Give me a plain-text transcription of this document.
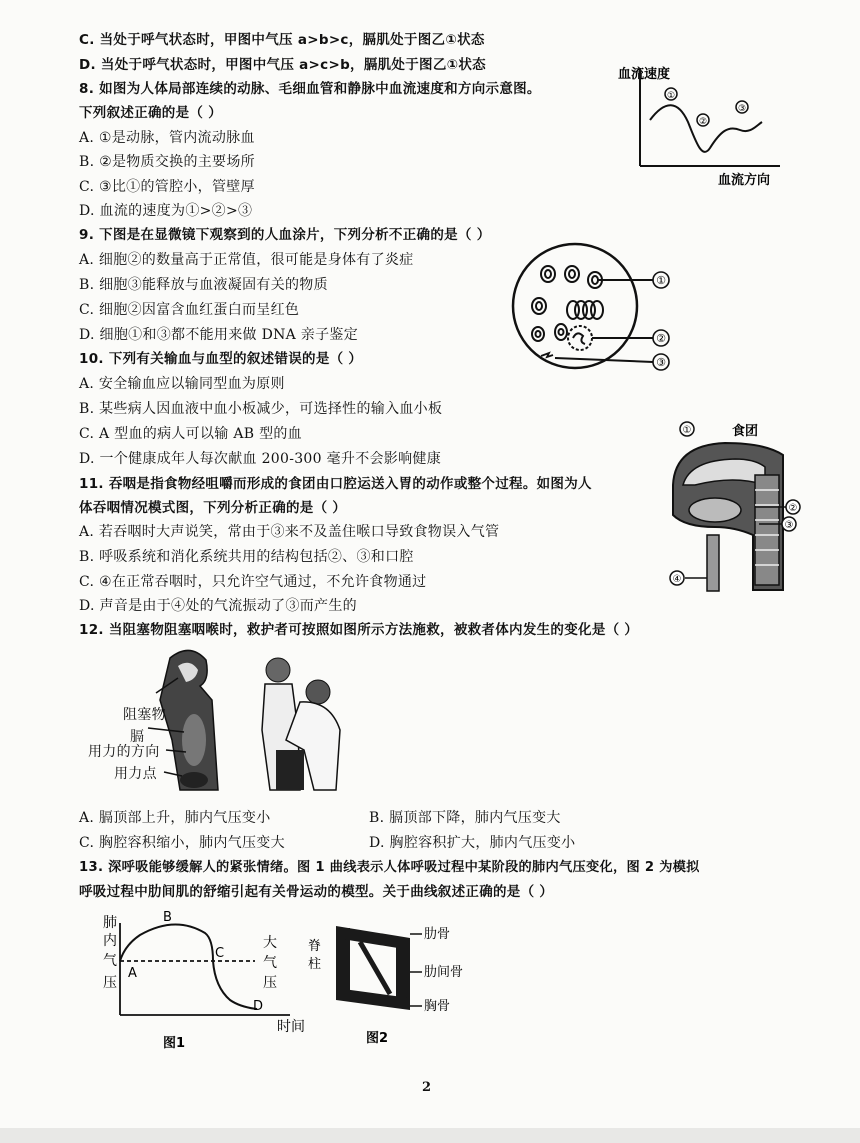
C. 当处于呼气状态时，甲图中气压 a>b>c，膈肌处于图乙①状态
D. 当处于呼气状态时，甲图中气压 a>c>b，膈肌处于图乙①状态
8. 如图为人体局部连续的动脉、毛细血管和静脉中血流速度和方向示意图。
下列叙述正确的是（ ）
A. ①是动脉，管内流动脉血
B. ②是物质交换的主要场所
C. ③比①的管腔小，管壁厚
D. 血流的速度为①>②>③
9. 下图是在显微镜下观察到的人血涂片，下列分析不正确的是（ ）
A. 细胞②的数量高于正常值，很可能是身体有了炎症
B. 细胞③能释放与血液凝固有关的物质
C. 细胞②因富含血红蛋白而呈红色
D. 细胞①和③都不能用来做 DNA 亲子鉴定
10. 下列有关输血与血型的叙述错误的是（ ）
A. 安全输血应以输同型血为原则
B. 某些病人因血液中血小板减少，可选择性的输入血小板
C. A 型血的病人可以输 AB 型的血
D. 一个健康成年人每次献血 200-300 毫升不会影响健康
11. 吞咽是指食物经咀嚼而形成的食团由口腔运送入胃的动作或整个过程。如图为人
体吞咽情况模式图，下列分析正确的是（ ）
A. 若吞咽时大声说笑，常由于③来不及盖住喉口导致食物误入气管
B. 呼吸系统和消化系统共用的结构包括②、③和口腔
C. ④在正常吞咽时，只允许空气通过，不允许食物通过
D. 声音是由于④处的气流振动了③而产生的
12. 当阻塞物阻塞咽喉时，救护者可按照如图所示方法施救，被救者体内发生的变化是（ ）
A. 膈顶部上升，肺内气压变小	B. 膈顶部下降，肺内气压变大
C. 胸腔容积缩小，肺内气压变大	D. 胸腔容积扩大，肺内气压变小
13. 深呼吸能够缓解人的紧张情绪。图 1 曲线表示人体呼吸过程中某阶段的肺内气压变化，图 2 为模拟
呼吸过程中肋间肌的舒缩引起有关骨运动的模型。关于曲线叙述正确的是（ ）
血流速度
①
②
③
血流方向
①
②
③
①	食团
②
③
④
阻塞物
膈
用力的方向
用力点
肺
内
气
压
A
B
C
D
大
气
压
时间
图1
脊
柱
肋骨
肋间骨
胸骨
图2
2
